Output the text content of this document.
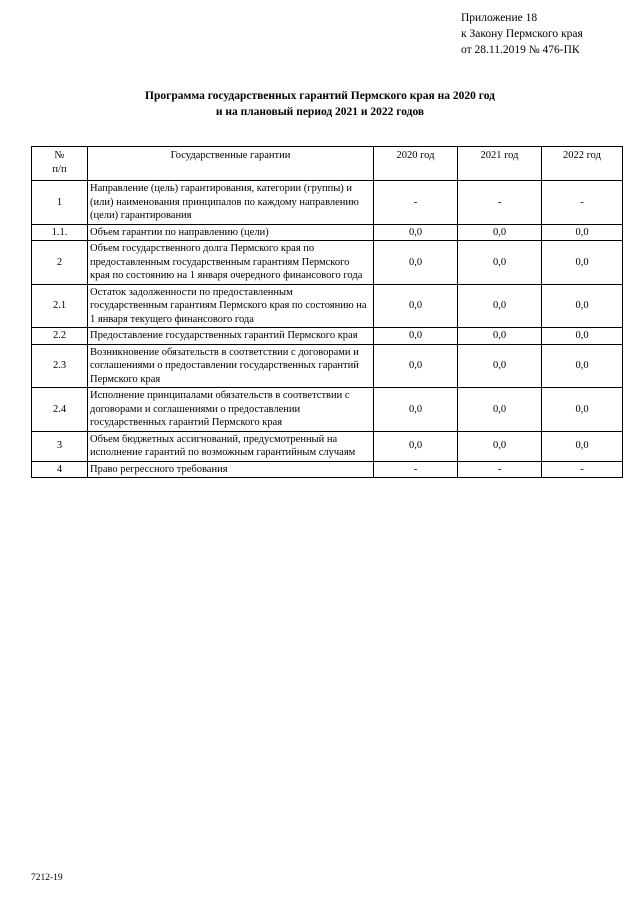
Приложение 18
к Закону Пермского края
от 28.11.2019 № 476-ПК
Программа государственных гарантий Пермского края на 2020 год
и на плановый период 2021 и 2022 годов
№
п/п	Государственные гарантии	2020 год	2021 год	2022 год
1	Направление (цель) гарантирования, категории (группы) и (или) наименования принципалов по каждому направлению (цели) гарантирования	-	-	-
1.1.	Объем гарантии по направлению (цели)	0,0	0,0	0,0
2	Объем государственного долга Пермского края по предоставленным государственным гарантиям Пермского края по состоянию на 1 января очередного финансового года	0,0	0,0	0,0
2.1	Остаток задолженности по предоставленным государственным гарантиям Пермского края по состоянию на 1 января текущего финансового года	0,0	0,0	0,0
2.2	Предоставление государственных гарантий Пермского края	0,0	0,0	0,0
2.3	Возникновение обязательств в соответствии с договорами и соглашениями о предоставлении государственных гарантий Пермского края	0,0	0,0	0,0
2.4	Исполнение принципалами обязательств в соответствии с договорами и соглашениями о предоставлении государственных гарантий Пермского края	0,0	0,0	0,0
3	Объем бюджетных ассигнований, предусмотренный на исполнение гарантий по возможным гарантийным случаям	0,0	0,0	0,0
4	Право регрессного требования	-	-	-
7212-19
